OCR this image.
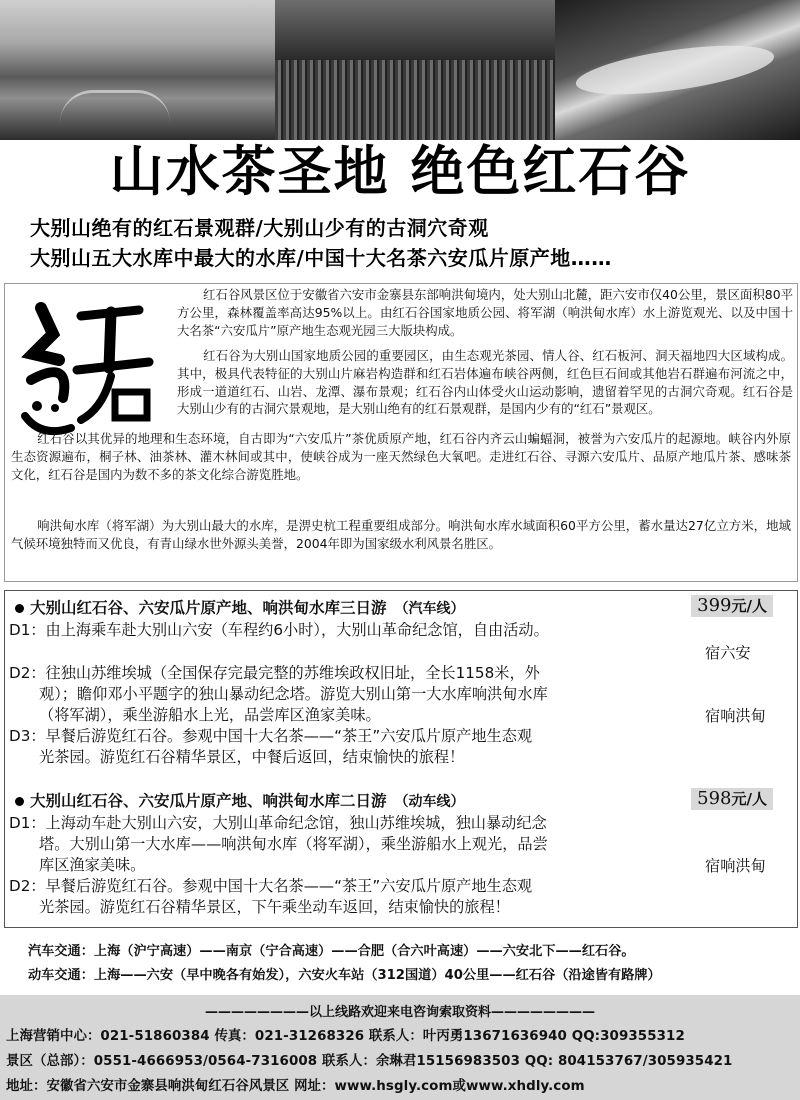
山水茶圣地 绝色红石谷
大别山绝有的红石景观群/大别山少有的古洞穴奇观
大别山五大水库中最大的水库/中国十大名茶六安瓜片原产地……

红石谷风景区位于安徽省六安市金寨县东部响洪甸境内，处大别山北麓，距六安市仅40公里，景区面积80平方公里，森林覆盖率高达95%以上。由红石谷国家地质公园、将军湖（响洪甸水库）水上游览观光、以及中国十大名茶“六安瓜片”原产地生态观光园三大版块构成。

红石谷为大别山国家地质公园的重要园区，由生态观光茶园、情人谷、红石板河、洞天福地四大区域构成。其中，极具代表特征的大别山片麻岩构造群和红石岩体遍布峡谷两侧，红色巨石间或其他岩石群遍布河流之中，形成一道道红石、山岩、龙潭、瀑布景观；红石谷内山体受火山运动影响，遗留着罕见的古洞穴奇观。红石谷是大别山少有的古洞穴景观地，是大别山绝有的红石景观群，是国内少有的“红石”景观区。

红石谷以其优异的地理和生态环境，自古即为“六安瓜片”茶优质原产地，红石谷内齐云山蝙蝠洞，被誉为六安瓜片的起源地。峡谷内外原生态资源遍布，桐子林、油茶林、灌木林间或其中，使峡谷成为一座天然绿色大氧吧。走进红石谷、寻源六安瓜片、品原产地瓜片茶、感味茶文化，红石谷是国内为数不多的茶文化综合游览胜地。

响洪甸水库（将军湖）为大别山最大的水库，是淠史杭工程重要组成部分。响洪甸水库水域面积60平方公里，蓄水量达27亿立方米，地域气候环境独特而又优良，有青山绿水世外源头美誉，2004年即为国家级水利风景名胜区。

大别山红石谷、六安瓜片原产地、响洪甸水库三日游 （汽车线）	399元/人
D1：由上海乘车赴大别山六安（车程约6小时），大别山革命纪念馆，自由活动。
宿六安
D2：往独山苏维埃城（全国保存完最完整的苏维埃政权旧址，全长1158米，外
观）；瞻仰邓小平题字的独山暴动纪念塔。游览大别山第一大水库响洪甸水库
（将军湖），乘坐游船水上光，品尝库区渔家美味。	宿响洪甸
D3：早餐后游览红石谷。参观中国十大名茶——“茶王”六安瓜片原产地生态观
光茶园。游览红石谷精华景区，中餐后返回，结束愉快的旅程！
大别山红石谷、六安瓜片原产地、响洪甸水库二日游 （动车线）	598元/人
D1：上海动车赴大别山六安，大别山革命纪念馆，独山苏维埃城，独山暴动纪念
塔。大别山第一大水库——响洪甸水库（将军湖），乘坐游船水上观光，品尝
库区渔家美味。	宿响洪甸
D2：早餐后游览红石谷。参观中国十大名茶——“茶王”六安瓜片原产地生态观
光茶园。游览红石谷精华景区，下午乘坐动车返回，结束愉快的旅程！
汽车交通：上海（沪宁高速）——南京（宁合高速）——合肥（合六叶高速）——六安北下——红石谷。
动车交通：上海——六安（早中晚各有始发），六安火车站（312国道）40公里——红石谷（沿途皆有路牌）
————————以上线路欢迎来电咨询索取资料————————
上海营销中心：021-51860384 传真：021-31268326 联系人：叶丙勇13671636940 QQ:309355312
景区（总部）：0551-4666953/0564-7316008 联系人：余琳君15156983503 QQ: 804153767/305935421
地址：安徽省六安市金寨县响洪甸红石谷风景区 网址：www.hsgly.com或www.xhdly.com
